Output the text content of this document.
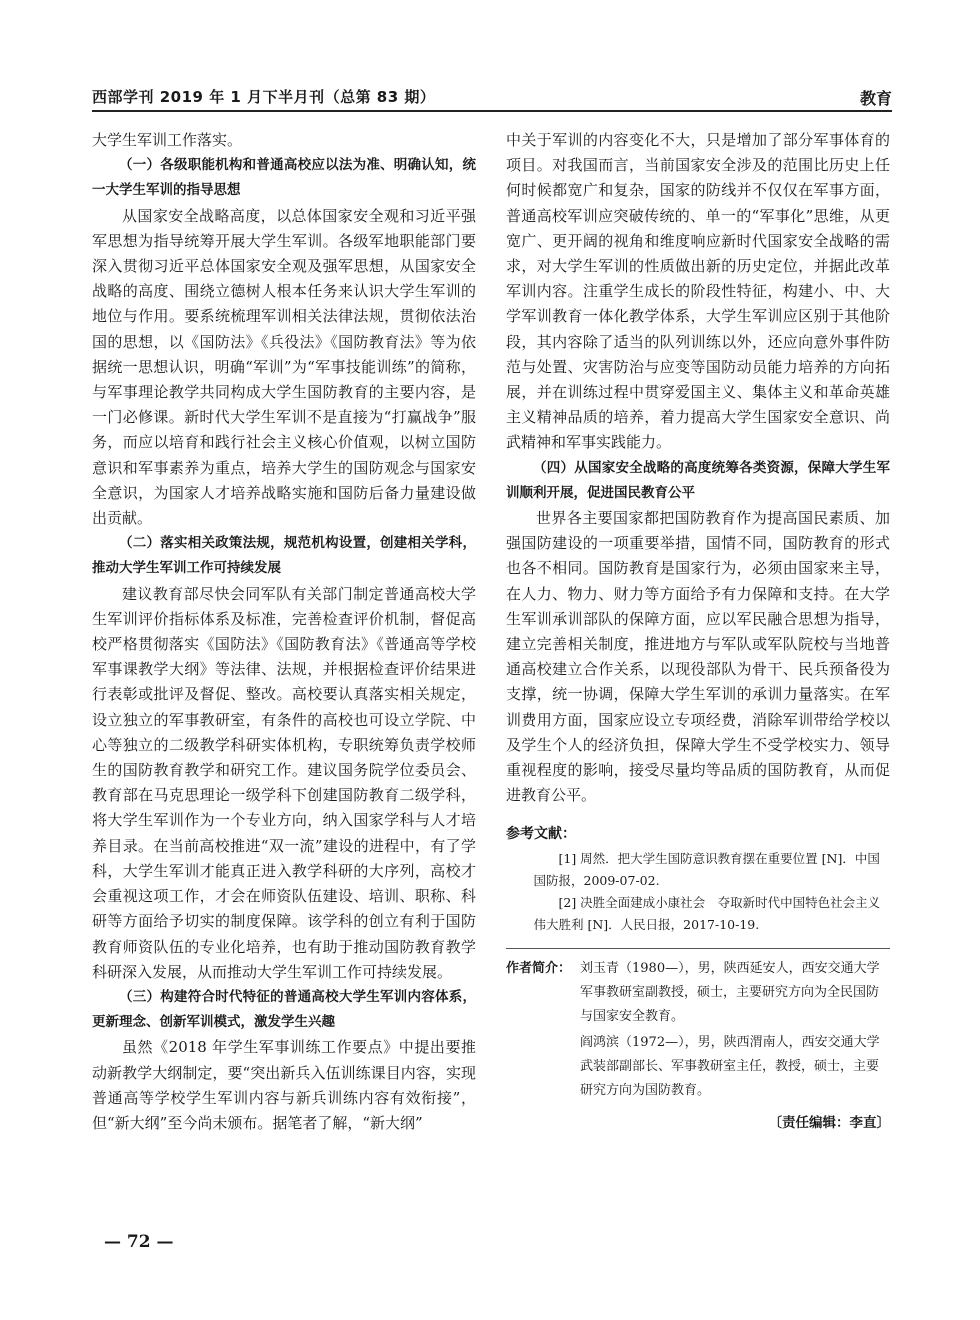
西部学刊 2019 年 1 月下半月刊（总第 83 期）	教育

大学生军训工作落实。

（一）各级职能机构和普通高校应以法为准、明确认知，统一大学生军训的指导思想

从国家安全战略高度，以总体国家安全观和习近平强军思想为指导统筹开展大学生军训。各级军地职能部门要深入贯彻习近平总体国家安全观及强军思想，从国家安全战略的高度、围绕立德树人根本任务来认识大学生军训的地位与作用。要系统梳理军训相关法律法规，贯彻依法治国的思想，以《国防法》《兵役法》《国防教育法》等为依据统一思想认识，明确“军训”为“军事技能训练”的简称，与军事理论教学共同构成大学生国防教育的主要内容，是一门必修课。新时代大学生军训不是直接为“打赢战争”服务，而应以培育和践行社会主义核心价值观，以树立国防意识和军事素养为重点，培养大学生的国防观念与国家安全意识，为国家人才培养战略实施和国防后备力量建设做出贡献。

（二）落实相关政策法规，规范机构设置，创建相关学科，推动大学生军训工作可持续发展

建议教育部尽快会同军队有关部门制定普通高校大学生军训评价指标体系及标准，完善检查评价机制，督促高校严格贯彻落实《国防法》《国防教育法》《普通高等学校军事课教学大纲》等法律、法规，并根据检查评价结果进行表彰或批评及督促、整改。高校要认真落实相关规定，设立独立的军事教研室，有条件的高校也可设立学院、中心等独立的二级教学科研实体机构，专职统筹负责学校师生的国防教育教学和研究工作。建议国务院学位委员会、教育部在马克思理论一级学科下创建国防教育二级学科，将大学生军训作为一个专业方向，纳入国家学科与人才培养目录。在当前高校推进“双一流”建设的进程中，有了学科，大学生军训才能真正进入教学科研的大序列，高校才会重视这项工作，才会在师资队伍建设、培训、职称、科研等方面给予切实的制度保障。该学科的创立有利于国防教育师资队伍的专业化培养，也有助于推动国防教育教学科研深入发展，从而推动大学生军训工作可持续发展。

（三）构建符合时代特征的普通高校大学生军训内容体系，更新理念、创新军训模式，激发学生兴趣

虽然《2018 年学生军事训练工作要点》中提出要推动新教学大纲制定，要“突出新兵入伍训练课目内容，实现普通高等学校学生军训内容与新兵训练内容有效衔接”，但“新大纲”至今尚未颁布。据笔者了解，“新大纲”

中关于军训的内容变化不大，只是增加了部分军事体育的项目。对我国而言，当前国家安全涉及的范围比历史上任何时候都宽广和复杂，国家的防线并不仅仅在军事方面，普通高校军训应突破传统的、单一的“军事化”思维，从更宽广、更开阔的视角和维度响应新时代国家安全战略的需求，对大学生军训的性质做出新的历史定位，并据此改革军训内容。注重学生成长的阶段性特征，构建小、中、大学军训教育一体化教学体系，大学生军训应区别于其他阶段，其内容除了适当的队列训练以外，还应向意外事件防范与处置、灾害防治与应变等国防动员能力培养的方向拓展，并在训练过程中贯穿爱国主义、集体主义和革命英雄主义精神品质的培养，着力提高大学生国家安全意识、尚武精神和军事实践能力。

（四）从国家安全战略的高度统筹各类资源，保障大学生军训顺利开展，促进国民教育公平

世界各主要国家都把国防教育作为提高国民素质、加强国防建设的一项重要举措，国情不同，国防教育的形式也各不相同。国防教育是国家行为，必须由国家来主导，在人力、物力、财力等方面给予有力保障和支持。在大学生军训承训部队的保障方面，应以军民融合思想为指导，建立完善相关制度，推进地方与军队或军队院校与当地普通高校建立合作关系，以现役部队为骨干、民兵预备役为支撑，统一协调，保障大学生军训的承训力量落实。在军训费用方面，国家应设立专项经费，消除军训带给学校以及学生个人的经济负担，保障大学生不受学校实力、领导重视程度的影响，接受尽量均等品质的国防教育，从而促进教育公平。

参考文献：

[1] 周然．把大学生国防意识教育摆在重要位置 [N]．中国国防报，2009-07-02.

[2] 决胜全面建成小康社会　夺取新时代中国特色社会主义伟大胜利 [N]．人民日报，2017-10-19.

作者简介： 刘玉青（1980—），男，陕西延安人，西安交通大学军事教研室副教授，硕士，主要研究方向为全民国防与国家安全教育。

阎鸿滨（1972—），男，陕西渭南人，西安交通大学武装部副部长、军事教研室主任，教授，硕士，主要研究方向为国防教育。

〔责任编辑：李直〕
— 72 —
